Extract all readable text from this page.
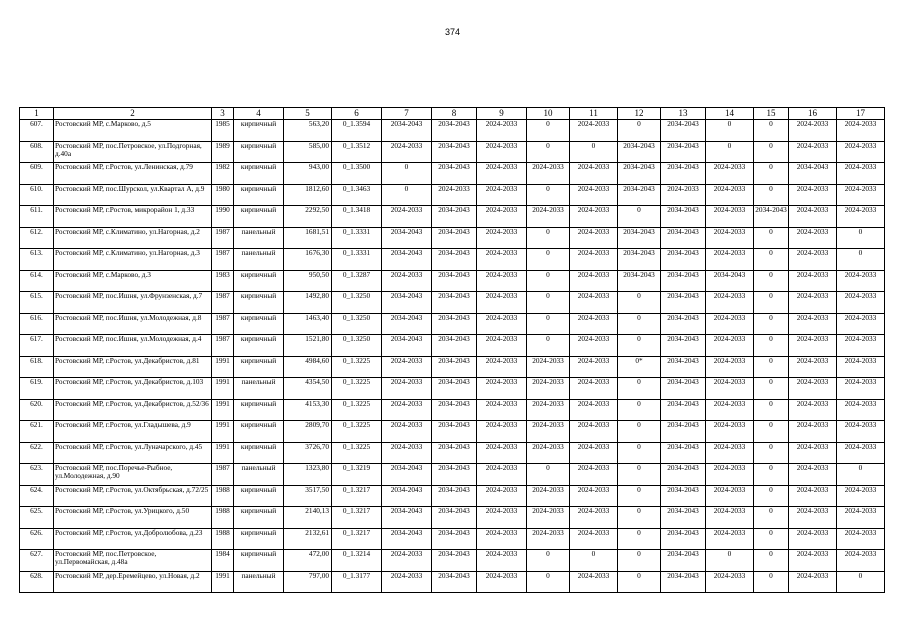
374
1	2	3	4	5	6	7	8	9	10	11	12	13	14	15	16	17
607.	Ростовский МР, с.Марково, д.5	1985	кирпичный	563,20	0_1.3594	2034-2043	2034-2043	2024-2033	0	2024-2033	0	2034-2043	0	0	2024-2033	2024-2033
608.	Ростовский МР, пос.Петровское, ул.Подгорная, д.40а	1989	кирпичный	585,00	0_1.3512	2024-2033	2034-2043	2024-2033	0	0	2034-2043	2034-2043	0	0	2024-2033	2024-2033
609.	Ростовский МР, г.Ростов, ул.Ленинская, д.79	1982	кирпичный	943,00	0_1.3500	0	2034-2043	2024-2033	2024-2033	2024-2033	2034-2043	2034-2043	2024-2033	0	2034-2043	2024-2033
610.	Ростовский МР, пос.Шурскол, ул.Квартал А, д.9	1980	кирпичный	1812,60	0_1.3463	0	2024-2033	2024-2033	0	2024-2033	2034-2043	2024-2033	2024-2033	0	2024-2033	2024-2033
611.	Ростовский МР, г.Ростов, микрорайон 1, д.33	1990	кирпичный	2292,50	0_1.3418	2024-2033	2034-2043	2024-2033	2024-2033	2024-2033	0	2034-2043	2024-2033	2034-2043	2024-2033	2024-2033
612.	Ростовский МР, с.Климатино, ул.Нагорная, д.2	1987	панельный	1681,51	0_1.3331	2034-2043	2034-2043	2024-2033	0	2024-2033	2034-2043	2034-2043	2024-2033	0	2024-2033	0
613.	Ростовский МР, с.Климатино, ул.Нагорная, д.3	1987	панельный	1676,30	0_1.3331	2034-2043	2034-2043	2024-2033	0	2024-2033	2034-2043	2034-2043	2024-2033	0	2024-2033	0
614.	Ростовский МР, с.Марково, д.3	1983	кирпичный	950,50	0_1.3287	2024-2033	2034-2043	2024-2033	0	2024-2033	2034-2043	2034-2043	2034-2043	0	2024-2033	2024-2033
615.	Ростовский МР, пос.Ишня, ул.Фрунзенская, д.7	1987	кирпичный	1492,80	0_1.3250	2034-2043	2034-2043	2024-2033	0	2024-2033	0	2034-2043	2024-2033	0	2024-2033	2024-2033
616.	Ростовский МР, пос.Ишня, ул.Молодежная, д.8	1987	кирпичный	1463,40	0_1.3250	2034-2043	2034-2043	2024-2033	0	2024-2033	0	2034-2043	2024-2033	0	2024-2033	2024-2033
617.	Ростовский МР, пос.Ишня, ул.Молодежная, д.4	1987	кирпичный	1521,80	0_1.3250	2034-2043	2034-2043	2024-2033	0	2024-2033	0	2034-2043	2024-2033	0	2024-2033	2024-2033
618.	Ростовский МР, г.Ростов, ул.Декабристов, д.81	1991	кирпичный	4984,60	0_1.3225	2024-2033	2034-2043	2024-2033	2024-2033	2024-2033	0*	2034-2043	2024-2033	0	2024-2033	2024-2033
619.	Ростовский МР, г.Ростов, ул.Декабристов, д.103	1991	панельный	4354,50	0_1.3225	2024-2033	2034-2043	2024-2033	2024-2033	2024-2033	0	2034-2043	2024-2033	0	2024-2033	2024-2033
620.	Ростовский МР, г.Ростов, ул.Декабристов, д.52/36	1991	кирпичный	4153,30	0_1.3225	2024-2033	2034-2043	2024-2033	2024-2033	2024-2033	0	2034-2043	2024-2033	0	2024-2033	2024-2033
621.	Ростовский МР, г.Ростов, ул.Гладышева, д.9	1991	кирпичный	2809,70	0_1.3225	2024-2033	2034-2043	2024-2033	2024-2033	2024-2033	0	2034-2043	2024-2033	0	2024-2033	2024-2033
622.	Ростовский МР, г.Ростов, ул.Луначарского, д.45	1991	кирпичный	3726,70	0_1.3225	2024-2033	2034-2043	2024-2033	2024-2033	2024-2033	0	2034-2043	2024-2033	0	2024-2033	2024-2033
623.	Ростовский МР, пос.Поречье-Рыбное, ул.Молодежная, д.90	1987	панельный	1323,80	0_1.3219	2034-2043	2034-2043	2024-2033	0	2024-2033	0	2034-2043	2024-2033	0	2024-2033	0
624.	Ростовский МР, г.Ростов, ул.Октябрьская, д.72/25	1988	кирпичный	3517,50	0_1.3217	2034-2043	2034-2043	2024-2033	2024-2033	2024-2033	0	2034-2043	2024-2033	0	2024-2033	2024-2033
625.	Ростовский МР, г.Ростов, ул.Урицкого, д.50	1988	кирпичный	2140,13	0_1.3217	2034-2043	2034-2043	2024-2033	2024-2033	2024-2033	0	2034-2043	2024-2033	0	2024-2033	2024-2033
626.	Ростовский МР, г.Ростов, ул.Добролюбова, д.23	1988	кирпичный	2132,61	0_1.3217	2034-2043	2034-2043	2024-2033	2024-2033	2024-2033	0	2034-2043	2024-2033	0	2024-2033	2024-2033
627.	Ростовский МР, пос.Петровское, ул.Первомайская, д.48а	1984	кирпичный	472,00	0_1.3214	2024-2033	2034-2043	2024-2033	0	0	0	2034-2043	0	0	2024-2033	2024-2033
628.	Ростовский МР, дер.Еремейцево, ул.Новая, д.2	1991	панельный	797,00	0_1.3177	2024-2033	2034-2043	2024-2033	0	2024-2033	0	2034-2043	2024-2033	0	2024-2033	0
